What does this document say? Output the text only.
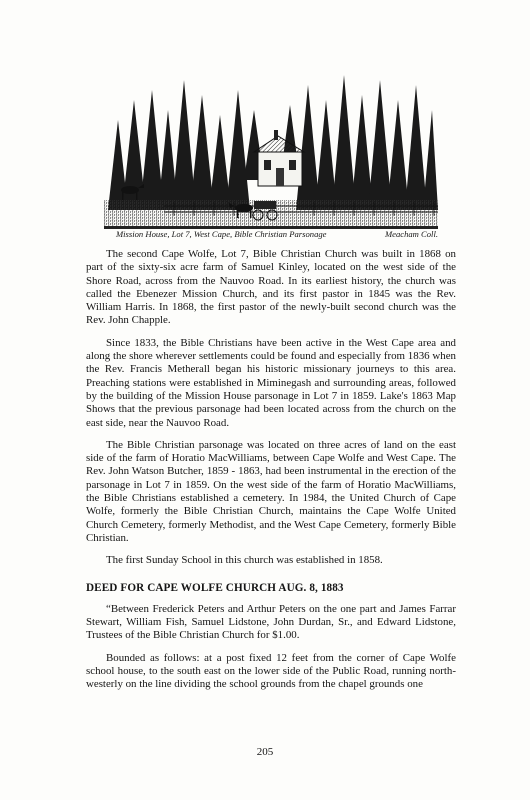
Mission House, Lot 7, West Cape, Bible Christian Parsonage	Meacham Coll.

The second Cape Wolfe, Lot 7, Bible Christian Church was built in 1868 on part of the sixty-six acre farm of Samuel Kinley, located on the west side of the Shore Road, across from the Nauvoo Road. In its earliest history, the church was called the Ebenezer Mission Church, and its first pastor in 1845 was the Rev. William Harris. In 1868, the first pastor of the newly-built second church was the Rev. John Chapple.

Since 1833, the Bible Christians have been active in the West Cape area and along the shore wherever settlements could be found and especially from 1836 when the Rev. Francis Metherall began his historic missionary journeys to this area. Preaching stations were established in Miminegash and surrounding areas, followed by the building of the Mission House parsonage in Lot 7 in 1859. Lake's 1863 Map Shows that the previous parsonage had been located across from the church on the east side, near the Nauvoo Road.

The Bible Christian parsonage was located on three acres of land on the east side of the farm of Horatio MacWilliams, between Cape Wolfe and West Cape. The Rev. John Watson Butcher, 1859 - 1863, had been instrumental in the erection of the parsonage in Lot 7 in 1859. On the west side of the farm of Horatio MacWilliams, the Bible Christians established a cemetery. In 1984, the United Church of Cape Wolfe, formerly the Bible Christian Church, maintains the Cape Wolfe United Church Cemetery, formerly Methodist, and the West Cape Cemetery, formerly Bible Christian.

The first Sunday School in this church was established in 1858.

DEED FOR CAPE WOLFE CHURCH AUG. 8, 1883

“Between Frederick Peters and Arthur Peters on the one part and James Farrar Stewart, William Fish, Samuel Lidstone, John Durdan, Sr., and Edward Lidstone, Trustees of the Bible Christian Church for $1.00.

Bounded as follows: at a post fixed 12 feet from the corner of Cape Wolfe school house, to the south east on the lower side of the Public Road, running north-westerly on the line dividing the school grounds from the chapel grounds one

205
